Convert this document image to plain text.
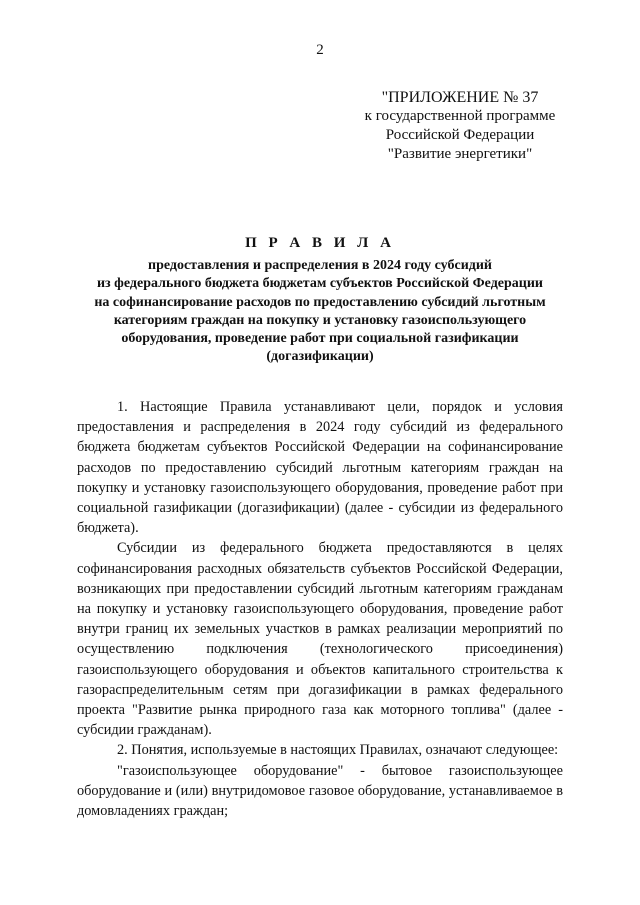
2
"ПРИЛОЖЕНИЕ № 37
к государственной программе
Российской Федерации
"Развитие энергетики"
П Р А В И Л А
предоставления и распределения в 2024 году субсидий
из федерального бюджета бюджетам субъектов Российской Федерации
на софинансирование расходов по предоставлению субсидий льготным
категориям граждан на покупку и установку газоиспользующего
оборудования, проведение работ при социальной газификации
(догазификации)

1. Настоящие Правила устанавливают цели, порядок и условия предоставления и распределения в 2024 году субсидий из федерального бюджета бюджетам субъектов Российской Федерации на софинансирование расходов по предоставлению субсидий льготным категориям граждан на покупку и установку газоиспользующего оборудования, проведение работ при социальной газификации (догазификации) (далее - субсидии из федерального бюджета).

Субсидии из федерального бюджета предоставляются в целях софинансирования расходных обязательств субъектов Российской Федерации, возникающих при предоставлении субсидий льготным категориям гражданам на покупку и установку газоиспользующего оборудования, проведение работ внутри границ их земельных участков в рамках реализации мероприятий по осуществлению подключения (технологического присоединения) газоиспользующего оборудования и объектов капитального строительства к газораспределительным сетям при догазификации в рамках федерального проекта "Развитие рынка природного газа как моторного топлива" (далее - субсидии гражданам).

2. Понятия, используемые в настоящих Правилах, означают следующее:

"газоиспользующее оборудование" - бытовое газоиспользующее оборудование и (или) внутридомовое газовое оборудование, устанавливаемое в домовладениях граждан;
